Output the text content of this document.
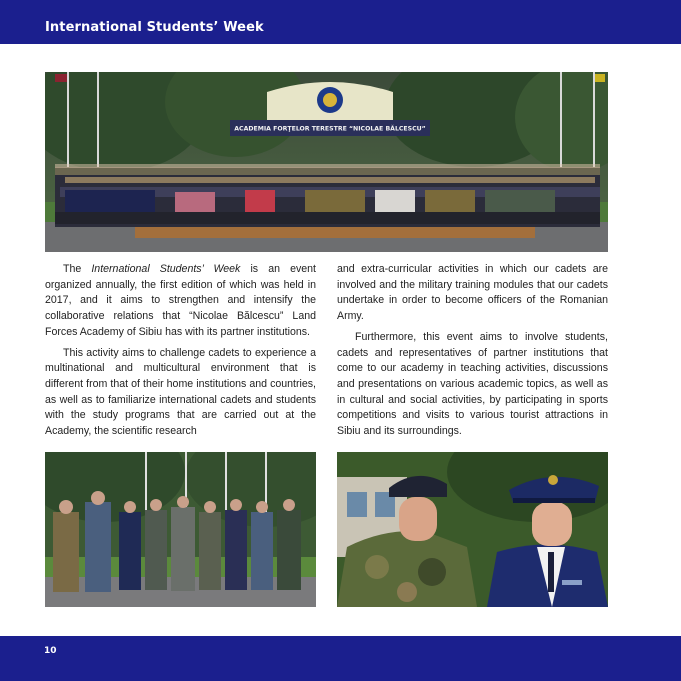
International Students’ Week
ACADEMIA FORŢELOR TERESTRE “NICOLAE BĂLCESCU”

The International Students’ Week is an event organized annually, the first edition of which was held in 2017, and it aims to strengthen and intensify the collaborative relations that “Nicolae Bălcescu” Land Forces Academy of Sibiu has with its partner institutions.

This activity aims to challenge cadets to experience a multinational and multicultural environment that is different from that of their home institutions and countries, as well as to familiarize international cadets and students with the study programs that are carried out at the Academy, the scientific research

and extra-curricular activities in which our cadets are involved and the military training modules that our cadets undertake in order to become officers of the Romanian Army.

Furthermore, this event aims to involve students, cadets and representatives of partner institutions that come to our academy in teaching activities, discussions and presentations on various academic topics, as well as in cultural and social activities, by participating in sports competitions and visits to various tourist attractions in Sibiu and its surroundings.

10
